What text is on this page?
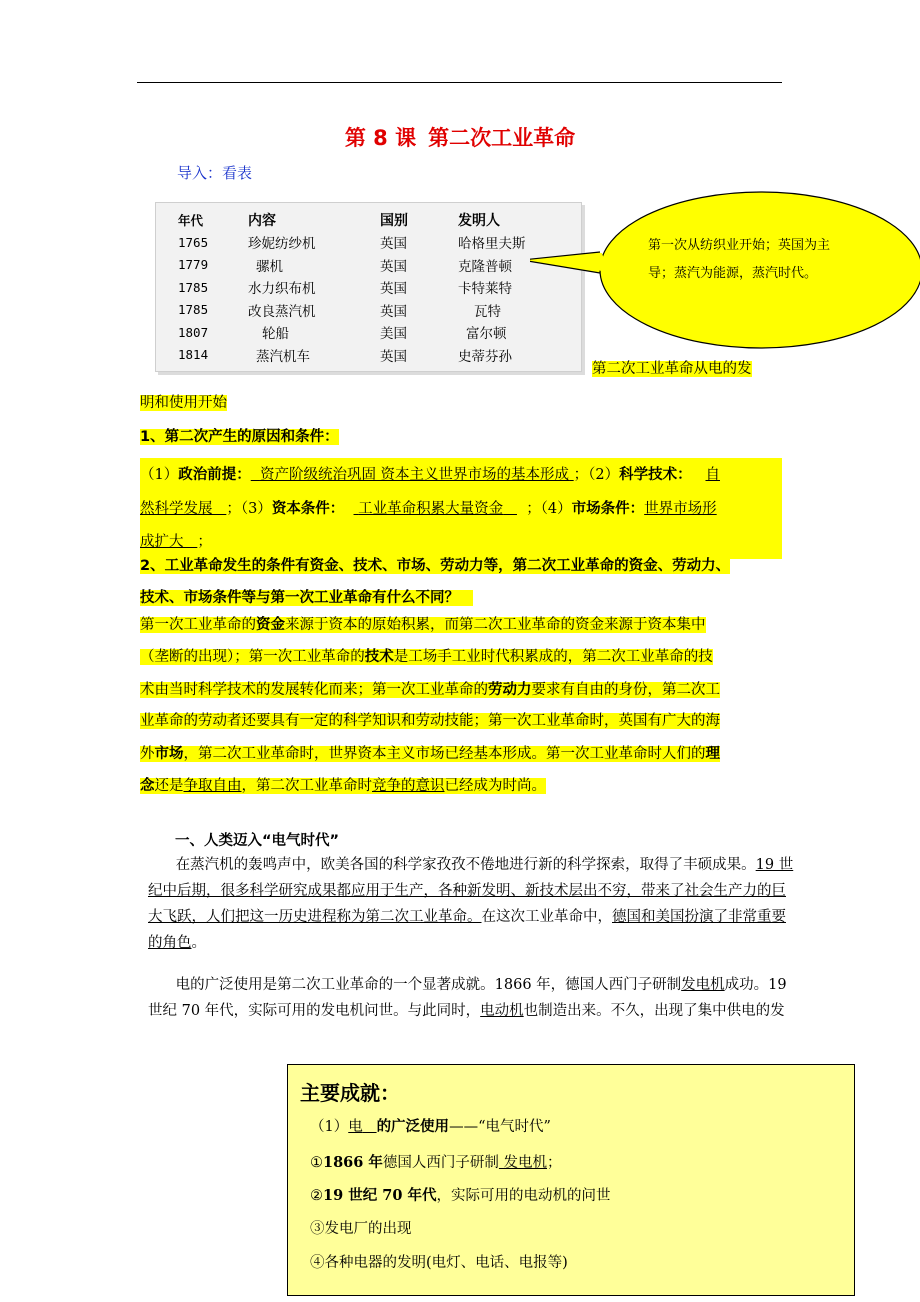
第 8 课 第二次工业革命
导入：看表
年代	内容	国别	发明人
1765	珍妮纺纱机	英国	哈格里夫斯
1779	骡机	英国	克隆普顿
1785	水力织布机	英国	卡特莱特
1785	改良蒸汽机	英国	瓦特
1807	轮船	美国	富尔顿
1814	蒸汽机车	英国	史蒂芬孙
第一次从纺织业开始；英国为主
导；蒸汽为能源，蒸汽时代。
第二次工业革命从电的发
明和使用开始
1、第二次产生的原因和条件：
（1）政治前提： 资产阶级统治巩固 资本主义世界市场的基本形成 ；（2）科学技术： 自
然科学发展 ；（3）资本条件： 工业革命积累大量资金 ；（4）市场条件：世界市场形
成扩大 ；
2、工业革命发生的条件有资金、技术、市场、劳动力等，第二次工业革命的资金、劳动力、
技术、市场条件等与第一次工业革命有什么不同？
第一次工业革命的资金来源于资本的原始积累，而第二次工业革命的资金来源于资本集中
（垄断的出现）；第一次工业革命的技术是工场手工业时代积累成的，第二次工业革命的技
术由当时科学技术的发展转化而来；第一次工业革命的劳动力要求有自由的身份，第二次工
业革命的劳动者还要具有一定的科学知识和劳动技能；第一次工业革命时，英国有广大的海
外市场，第二次工业革命时，世界资本主义市场已经基本形成。第一次工业革命时人们的理
念还是争取自由，第二次工业革命时竞争的意识已经成为时尚。
一、人类迈入“电气时代”
在蒸汽机的轰鸣声中，欧美各国的科学家孜孜不倦地进行新的科学探索，取得了丰硕成果。19 世
纪中后期，很多科学研究成果都应用于生产，各种新发明、新技术层出不穷，带来了社会生产力的巨
大飞跃，人们把这一历史进程称为第二次工业革命。在这次工业革命中，德国和美国扮演了非常重要
的角色。
电的广泛使用是第二次工业革命的一个显著成就。1866 年，德国人西门子研制发电机成功。19
世纪 70 年代，实际可用的发电机问世。与此同时，电动机也制造出来。不久，出现了集中供电的发
主要成就：
（1）电 的广泛使用——“电气时代”
①1866 年德国人西门子研制 发电机；
②19 世纪 70 年代，实际可用的电动机的问世
③发电厂的出现
④各种电器的发明(电灯、电话、电报等)
